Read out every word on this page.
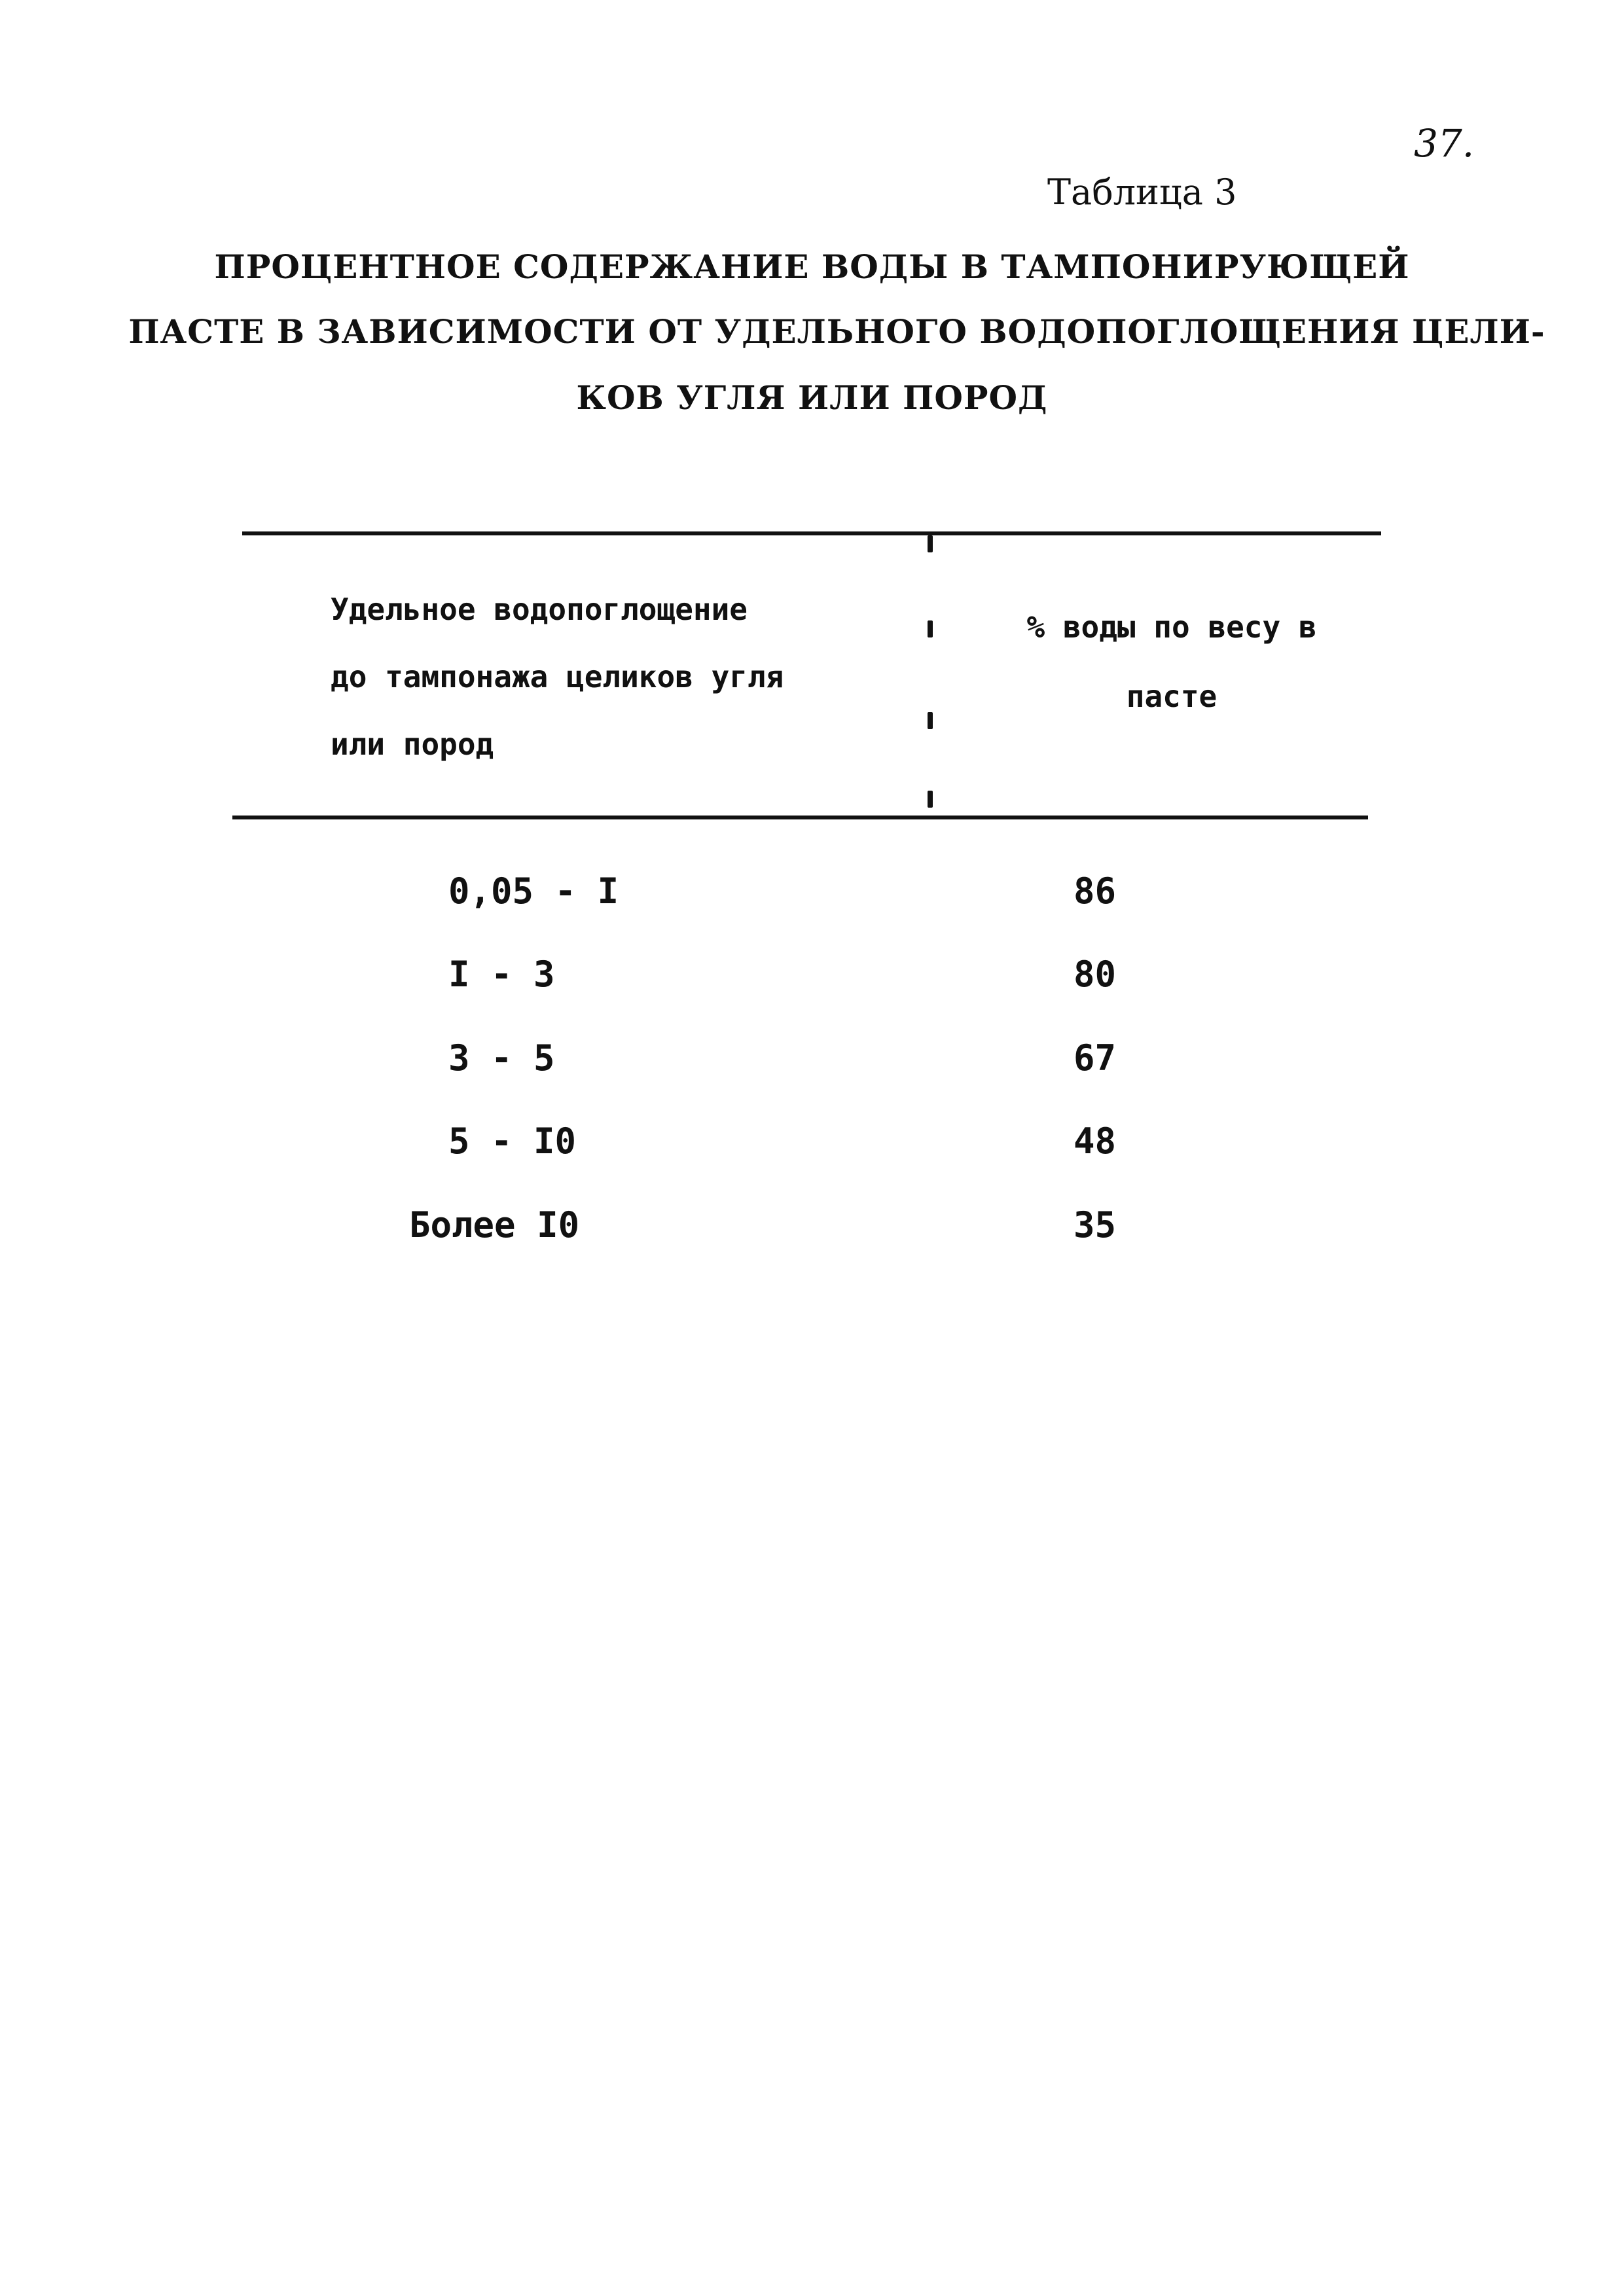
37.
Таблица 3
ПРОЦЕНТНОЕ СОДЕРЖАНИЕ ВОДЫ В ТАМПОНИРУЮЩЕЙ
ПАСТЕ В ЗАВИСИМОСТИ ОТ УДЕЛЬНОГО ВОДОПОГЛОЩЕНИЯ ЦЕЛИ-
КОВ УГЛЯ ИЛИ ПОРОД
Удельное водопоглощение
до тампонажа целиков угля
или пород
% воды по весу в
пасте
0,05 - I	86
I - 3	80
3 - 5	67
5 - I0	48
Более I0	35
